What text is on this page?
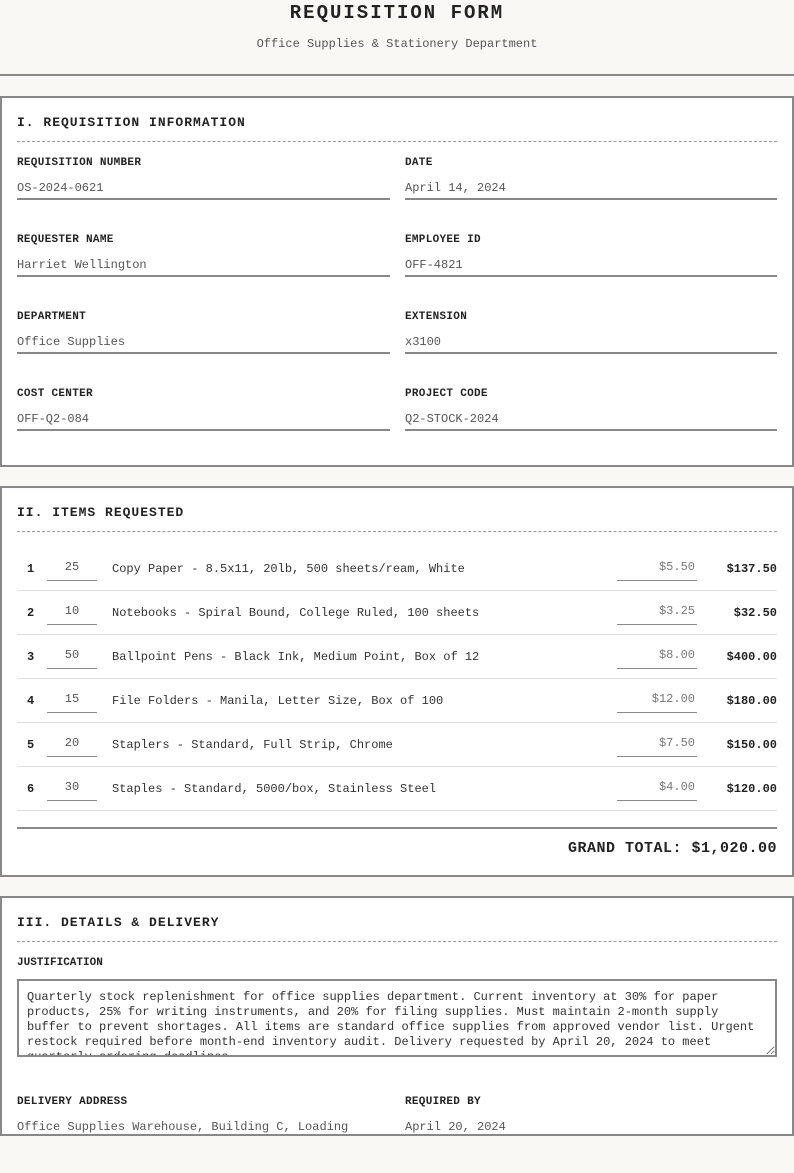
REQUISITION FORM
Office Supplies & Stationery Department
I. REQUISITION INFORMATION
REQUISITION NUMBER
OS-2024-0621
DATE
April 14, 2024
REQUESTER NAME
Harriet Wellington
EMPLOYEE ID
OFF-4821
DEPARTMENT
Office Supplies
EXTENSION
x3100
COST CENTER
OFF-Q2-084
PROJECT CODE
Q2-STOCK-2024
II. ITEMS REQUESTED
1	25	Copy Paper - 8.5x11, 20lb, 500 sheets/ream, White	$5.50	$137.50
2	10	Notebooks - Spiral Bound, College Ruled, 100 sheets	$3.25	$32.50
3	50	Ballpoint Pens - Black Ink, Medium Point, Box of 12	$8.00	$400.00
4	15	File Folders - Manila, Letter Size, Box of 100	$12.00	$180.00
5	20	Staplers - Standard, Full Strip, Chrome	$7.50	$150.00
6	30	Staples - Standard, 5000/box, Stainless Steel	$4.00	$120.00
GRAND TOTAL: $1,020.00
III. DETAILS & DELIVERY
JUSTIFICATION
Quarterly stock replenishment for office supplies department. Current inventory at 30% for paper products, 25% for writing instruments, and 20% for filing supplies. Must maintain 2-month supply buffer to prevent shortages. All items are standard office supplies from approved vendor list. Urgent restock required before month-end inventory audit. Delivery requested by April 20, 2024 to meet quarterly ordering deadlines.
DELIVERY ADDRESS
Office Supplies Warehouse, Building C, Loading
REQUIRED BY
April 20, 2024
